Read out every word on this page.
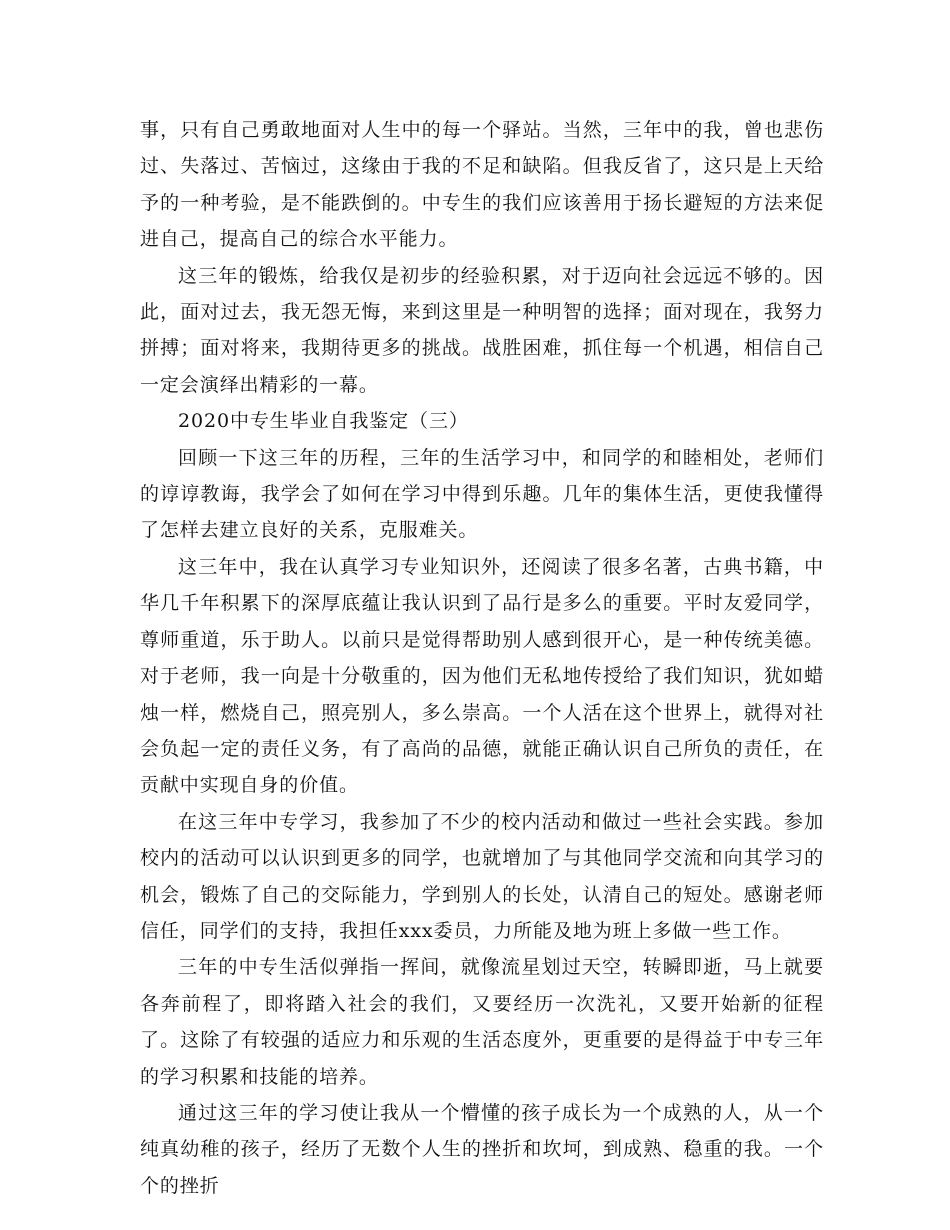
事，只有自己勇敢地面对人生中的每一个驿站。当然，三年中的我，曾也悲伤过、失落过、苦恼过，这缘由于我的不足和缺陷。但我反省了，这只是上天给予的一种考验，是不能跌倒的。中专生的我们应该善用于扬长避短的方法来促进自己，提高自己的综合水平能力。

这三年的锻炼，给我仅是初步的经验积累，对于迈向社会远远不够的。因此，面对过去，我无怨无悔，来到这里是一种明智的选择；面对现在，我努力拼搏；面对将来，我期待更多的挑战。战胜困难，抓住每一个机遇，相信自己一定会演绎出精彩的一幕。

2020中专生毕业自我鉴定（三）

回顾一下这三年的历程，三年的生活学习中，和同学的和睦相处，老师们的谆谆教诲，我学会了如何在学习中得到乐趣。几年的集体生活，更使我懂得了怎样去建立良好的关系，克服难关。

这三年中，我在认真学习专业知识外，还阅读了很多名著，古典书籍，中华几千年积累下的深厚底蕴让我认识到了品行是多么的重要。平时友爱同学，尊师重道，乐于助人。以前只是觉得帮助别人感到很开心，是一种传统美德。对于老师，我一向是十分敬重的，因为他们无私地传授给了我们知识，犹如蜡烛一样，燃烧自己，照亮别人，多么崇高。一个人活在这个世界上，就得对社会负起一定的责任义务，有了高尚的品德，就能正确认识自己所负的责任，在贡献中实现自身的价值。

在这三年中专学习，我参加了不少的校内活动和做过一些社会实践。参加校内的活动可以认识到更多的同学，也就增加了与其他同学交流和向其学习的机会，锻炼了自己的交际能力，学到别人的长处，认清自己的短处。感谢老师信任，同学们的支持，我担任xxx委员，力所能及地为班上多做一些工作。

三年的中专生活似弹指一挥间，就像流星划过天空，转瞬即逝，马上就要各奔前程了，即将踏入社会的我们，又要经历一次洗礼，又要开始新的征程了。这除了有较强的适应力和乐观的生活态度外，更重要的是得益于中专三年的学习积累和技能的培养。

通过这三年的学习使让我从一个懵懂的孩子成长为一个成熟的人，从一个纯真幼稚的孩子，经历了无数个人生的挫折和坎坷，到成熟、稳重的我。一个个的挫折
